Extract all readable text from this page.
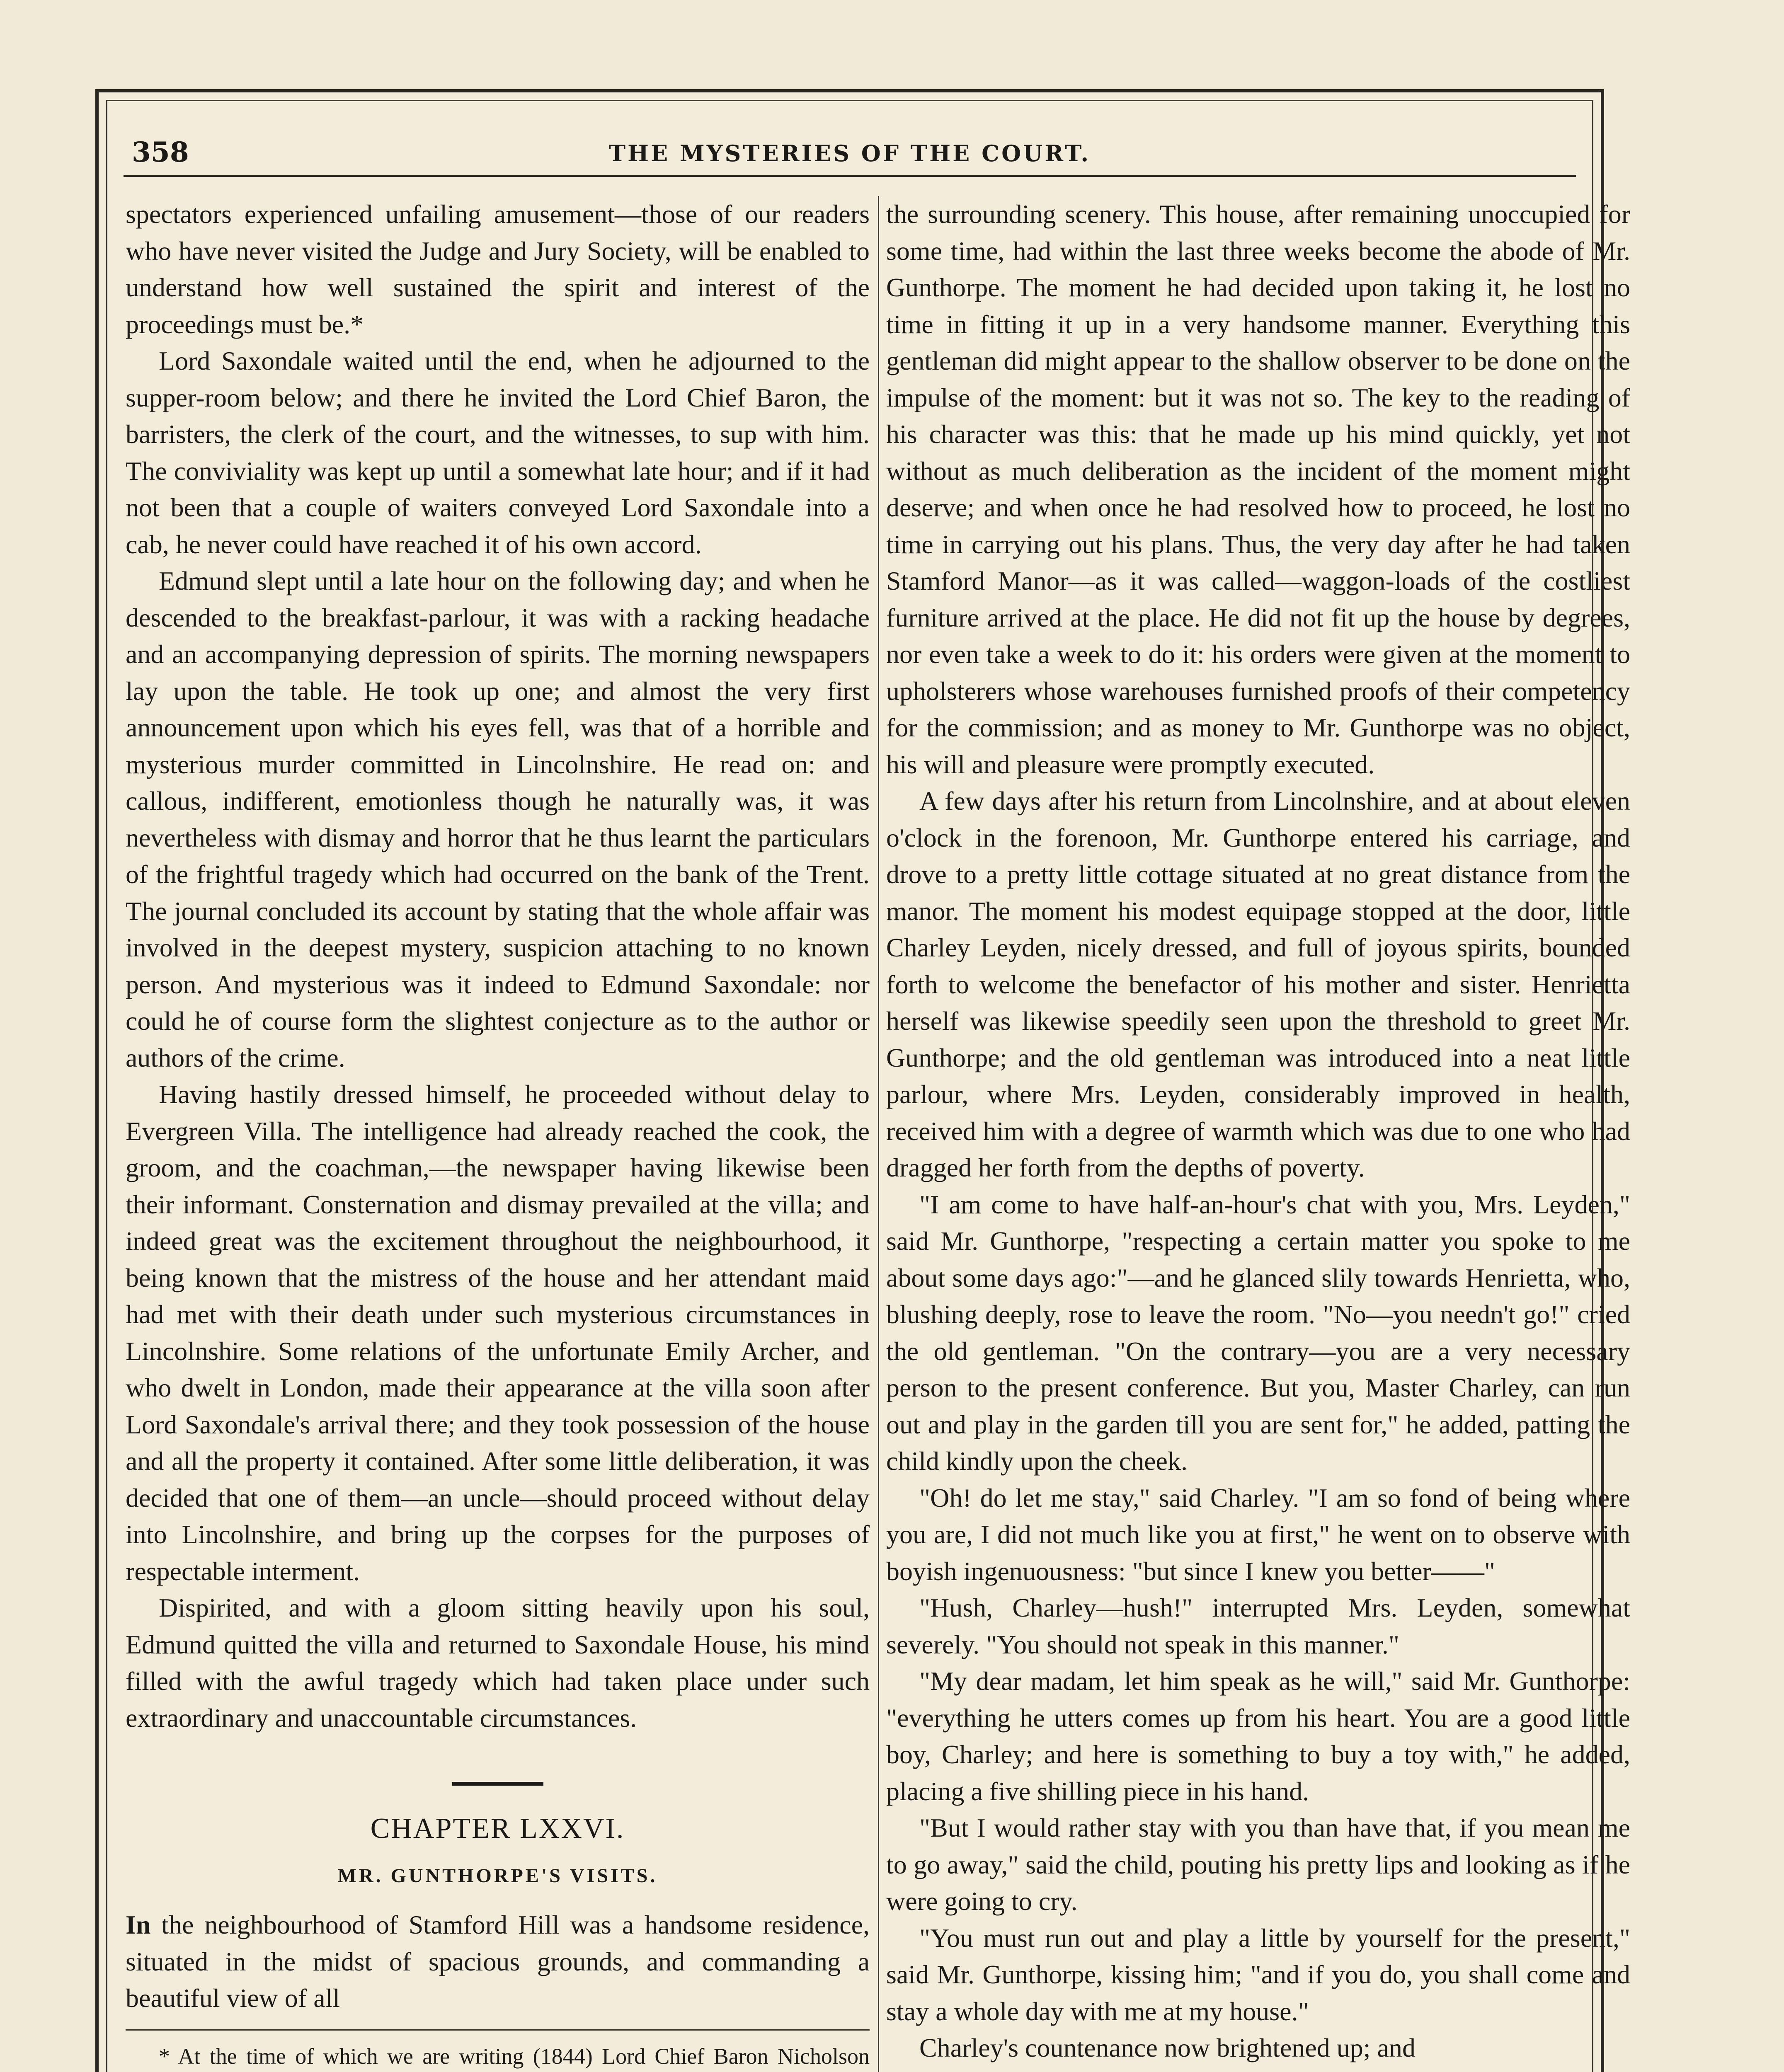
358	THE MYSTERIES OF THE COURT.

spectators experienced unfailing amusement—those of our readers who have never visited the Judge and Jury Society, will be enabled to understand how well sustained the spirit and interest of the proceedings must be.*

Lord Saxondale waited until the end, when he adjourned to the supper-room below; and there he invited the Lord Chief Baron, the barristers, the clerk of the court, and the witnesses, to sup with him. The conviviality was kept up until a somewhat late hour; and if it had not been that a couple of waiters conveyed Lord Saxondale into a cab, he never could have reached it of his own accord.

Edmund slept until a late hour on the following day; and when he descended to the breakfast-parlour, it was with a racking headache and an accompanying depression of spirits. The morning newspapers lay upon the table. He took up one; and almost the very first announcement upon which his eyes fell, was that of a horrible and mysterious murder committed in Lincolnshire. He read on: and callous, indifferent, emotionless though he naturally was, it was nevertheless with dismay and horror that he thus learnt the particulars of the frightful tragedy which had occurred on the bank of the Trent. The journal concluded its account by stating that the whole affair was involved in the deepest mystery, suspicion attaching to no known person. And mysterious was it indeed to Edmund Saxondale: nor could he of course form the slightest conjecture as to the author or authors of the crime.

Having hastily dressed himself, he proceeded without delay to Evergreen Villa. The intelligence had already reached the cook, the groom, and the coachman,—the newspaper having likewise been their informant. Consternation and dismay prevailed at the villa; and indeed great was the excitement throughout the neighbourhood, it being known that the mistress of the house and her attendant maid had met with their death under such mysterious circumstances in Lincolnshire. Some relations of the unfortunate Emily Archer, and who dwelt in London, made their appearance at the villa soon after Lord Saxondale's arrival there; and they took possession of the house and all the property it contained. After some little deliberation, it was decided that one of them—an uncle—should proceed without delay into Lincolnshire, and bring up the corpses for the purposes of respectable interment.

Dispirited, and with a gloom sitting heavily upon his soul, Edmund quitted the villa and returned to Saxondale House, his mind filled with the awful tragedy which had taken place under such extraordinary and unaccountable circumstances.

CHAPTER LXXVI.
MR. GUNTHORPE'S VISITS.

In the neighbourhood of Stamford Hill was a handsome residence, situated in the midst of spacious grounds, and commanding a beautiful view of all

* At the time of which we are writing (1844) Lord Chief Baron Nicholson

the surrounding scenery. This house, after remaining unoccupied for some time, had within the last three weeks become the abode of Mr. Gunthorpe. The moment he had decided upon taking it, he lost no time in fitting it up in a very handsome manner. Everything this gentleman did might appear to the shallow observer to be done on the impulse of the moment: but it was not so. The key to the reading of his character was this: that he made up his mind quickly, yet not without as much deliberation as the incident of the moment might deserve; and when once he had resolved how to proceed, he lost no time in carrying out his plans. Thus, the very day after he had taken Stamford Manor—as it was called—waggon-loads of the costliest furniture arrived at the place. He did not fit up the house by degrees, nor even take a week to do it: his orders were given at the moment to upholsterers whose warehouses furnished proofs of their competency for the commission; and as money to Mr. Gunthorpe was no object, his will and pleasure were promptly executed.

A few days after his return from Lincolnshire, and at about eleven o'clock in the forenoon, Mr. Gunthorpe entered his carriage, and drove to a pretty little cottage situated at no great distance from the manor. The moment his modest equipage stopped at the door, little Charley Leyden, nicely dressed, and full of joyous spirits, bounded forth to welcome the benefactor of his mother and sister. Henrietta herself was likewise speedily seen upon the threshold to greet Mr. Gunthorpe; and the old gentleman was introduced into a neat little parlour, where Mrs. Leyden, considerably improved in health, received him with a degree of warmth which was due to one who had dragged her forth from the depths of poverty.

"I am come to have half-an-hour's chat with you, Mrs. Leyden," said Mr. Gunthorpe, "respecting a certain matter you spoke to me about some days ago:"—and he glanced slily towards Henrietta, who, blushing deeply, rose to leave the room. "No—you needn't go!" cried the old gentleman. "On the contrary—you are a very necessary person to the present conference. But you, Master Charley, can run out and play in the garden till you are sent for," he added, patting the child kindly upon the cheek.

"Oh! do let me stay," said Charley. "I am so fond of being where you are, I did not much like you at first," he went on to observe with boyish ingenuousness: "but since I knew you better——"

"Hush, Charley—hush!" interrupted Mrs. Leyden, somewhat severely. "You should not speak in this manner."

"My dear madam, let him speak as he will," said Mr. Gunthorpe: "everything he utters comes up from his heart. You are a good little boy, Charley; and here is something to buy a toy with," he added, placing a five shilling piece in his hand.

"But I would rather stay with you than have that, if you mean me to go away," said the child, pouting his pretty lips and looking as if he were going to cry.

"You must run out and play a little by yourself for the present," said Mr. Gunthorpe, kissing him; "and if you do, you shall come and stay a whole day with me at my house."

Charley's countenance now brightened up; and
